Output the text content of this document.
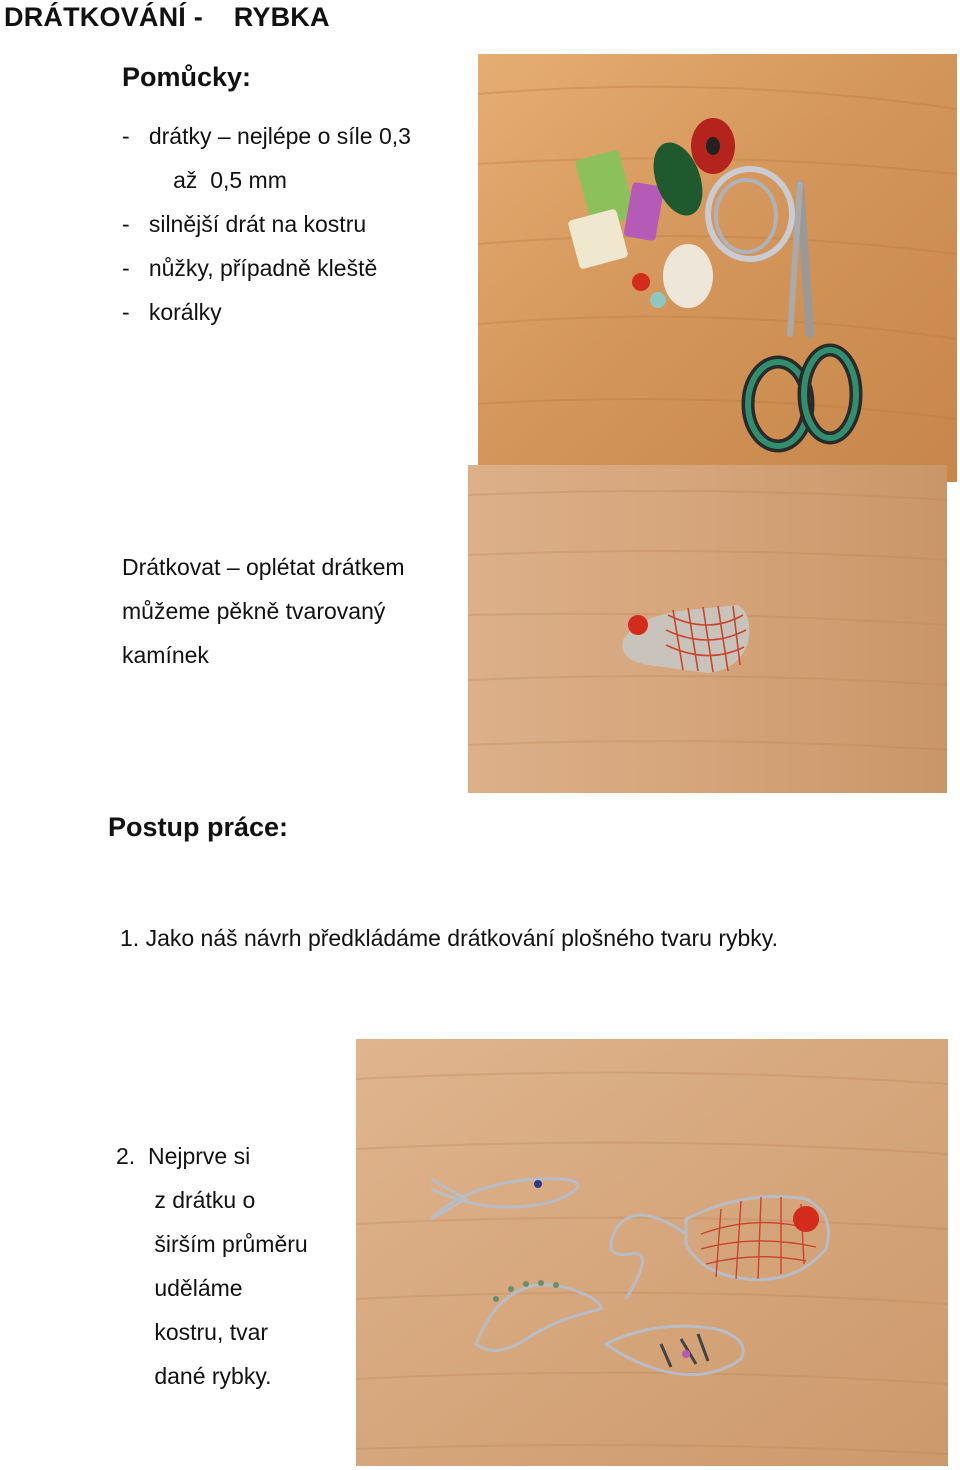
DRÁTKOVÁNÍ - RYBKA
Pomůcky:
-   drátky – nejlépe o síle 0,3
až  0,5 mm
-   silnější drát na kostru
-   nůžky, případně kleště
-   korálky
Drátkovat – oplétat drátkem
můžeme pěkně tvarovaný
kamínek
Postup práce:
1. Jako náš návrh předkládáme drátkování plošného tvaru rybky.
2.  Nejprve si
z drátku o
širším průměru
uděláme
kostru, tvar
dané rybky.
